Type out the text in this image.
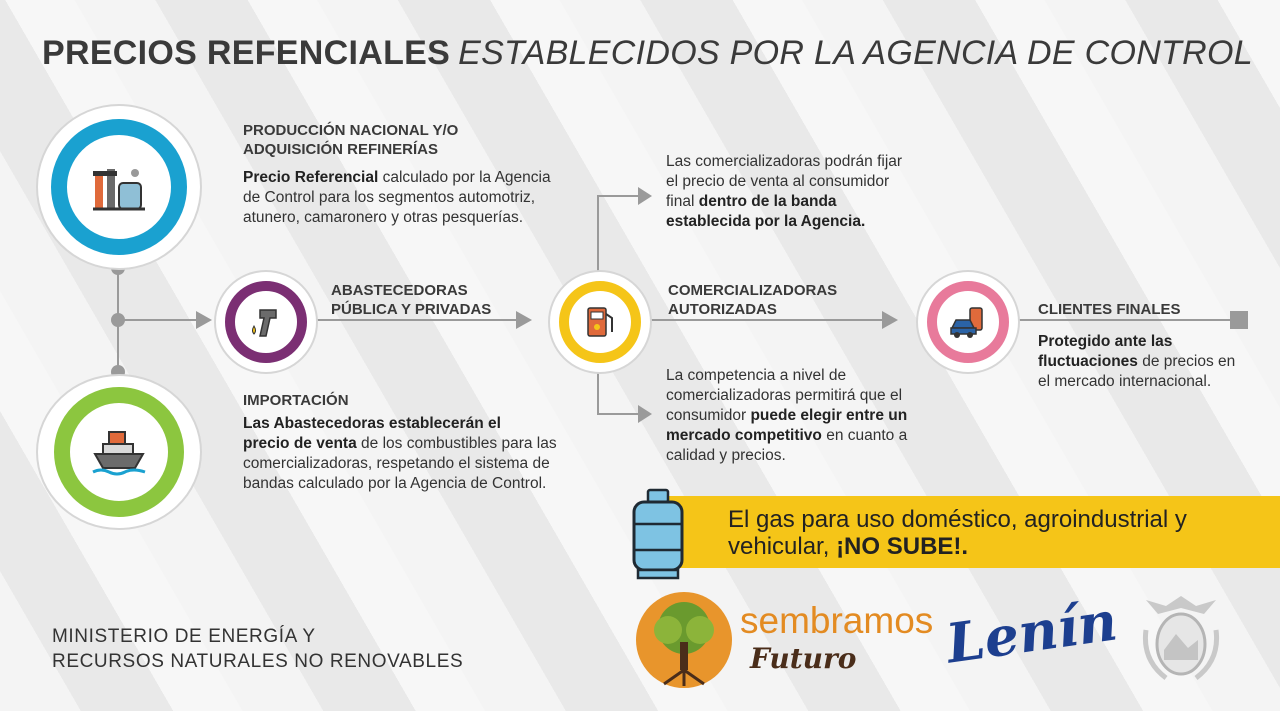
PRECIOS REFENCIALES ESTABLECIDOS POR LA AGENCIA DE CONTROL
PRODUCCIÓN NACIONAL Y/O
ADQUISICIÓN REFINERÍAS
Precio Referencial calculado por la Agencia
de Control para los segmentos automotriz,
atunero, camaronero y otras pesquerías.
ABASTECEDORAS
PÚBLICA Y PRIVADAS
COMERCIALIZADORAS
AUTORIZADAS
IMPORTACIÓN
Las Abastecedoras establecerán el
precio de venta de los combustibles para las
comercializadoras, respetando el sistema de
bandas calculado por la Agencia de Control.
Las comercializadoras podrán fijar
el precio de venta al consumidor
final dentro de la banda
establecida por la Agencia.
La competencia a nivel de
comercializadoras permitirá que el
consumidor puede elegir entre un
mercado competitivo en cuanto a
calidad y precios.
CLIENTES FINALES
Protegido ante las
fluctuaciones de precios en
el mercado internacional.
El gas para uso doméstico, agroindustrial y
vehicular, ¡NO SUBE!.
MINISTERIO DE ENERGÍA Y
RECURSOS NATURALES NO RENOVABLES
sembramos
Futuro Lenín
